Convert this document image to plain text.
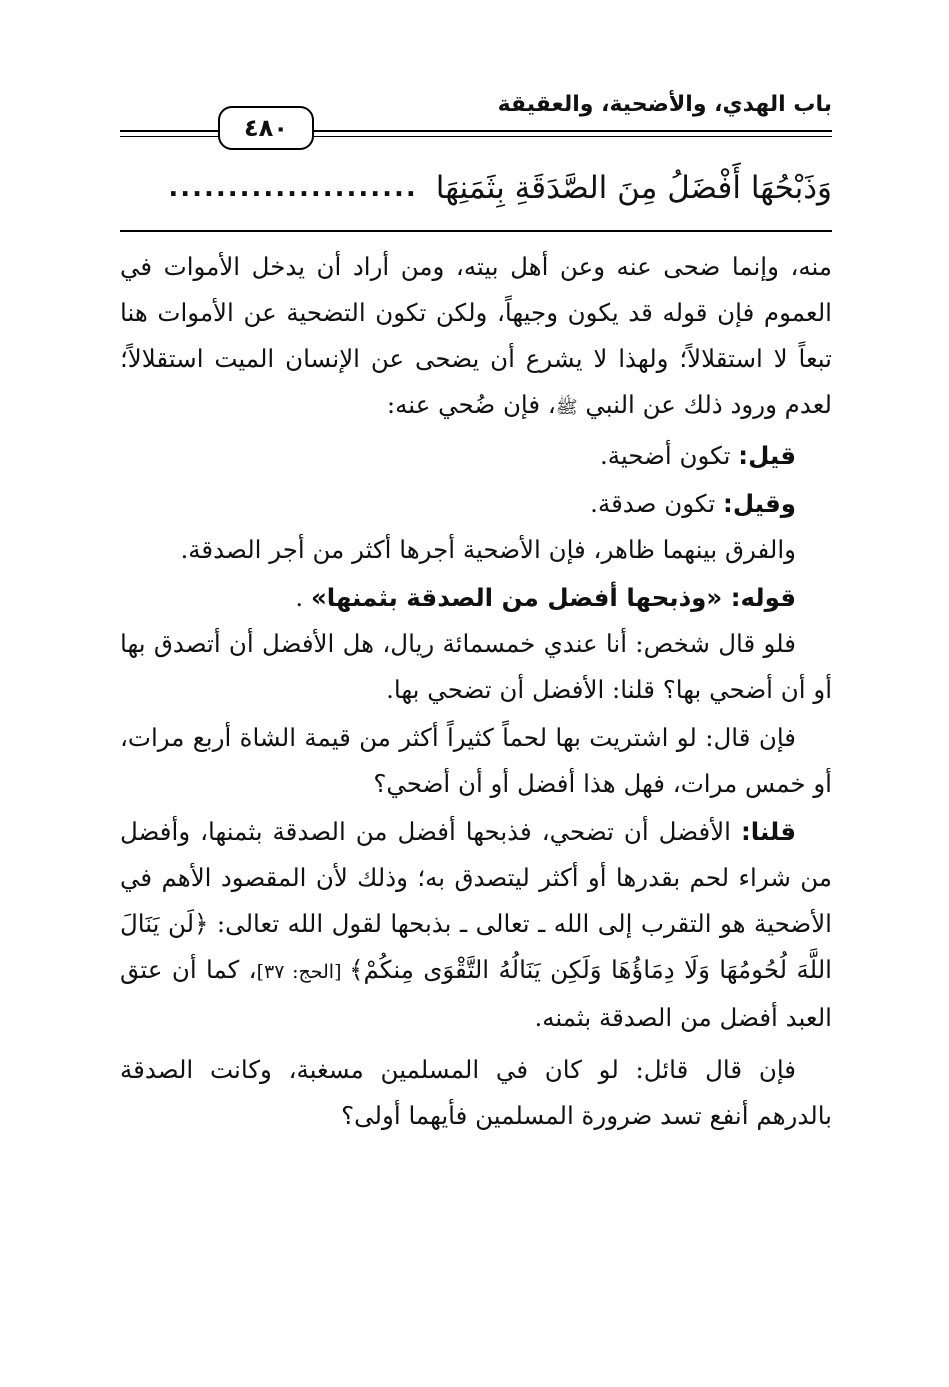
باب الهدي، والأضحية، والعقيقة
٤٨٠
وَذَبْحُهَا أَفْضَلُ مِنَ الصَّدَقَةِ بِثَمَنِهَا
.....................

منه، وإنما ضحى عنه وعن أهل بيته، ومن أراد أن يدخل الأموات في العموم فإن قوله قد يكون وجيهاً، ولكن تكون التضحية عن الأموات هنا تبعاً لا استقلالاً؛ ولهذا لا يشرع أن يضحى عن الإنسان الميت استقلالاً؛ لعدم ورود ذلك عن النبي ﷺ، فإن ضُحي عنه:

قيل: تكون أضحية.

وقيل: تكون صدقة.

والفرق بينهما ظاهر، فإن الأضحية أجرها أكثر من أجر الصدقة.

قوله: «وذبحها أفضل من الصدقة بثمنها» .

فلو قال شخص: أنا عندي خمسمائة ريال، هل الأفضل أن أتصدق بها أو أن أضحي بها؟ قلنا: الأفضل أن تضحي بها.

فإن قال: لو اشتريت بها لحماً كثيراً أكثر من قيمة الشاة أربع مرات، أو خمس مرات، فهل هذا أفضل أو أن أضحي؟

قلنا: الأفضل أن تضحي، فذبحها أفضل من الصدقة بثمنها، وأفضل من شراء لحم بقدرها أو أكثر ليتصدق به؛ وذلك لأن المقصود الأهم في الأضحية هو التقرب إلى الله ـ تعالى ـ بذبحها لقول الله تعالى: ﴿لَن يَنَالَ اللَّهَ لُحُومُهَا وَلَا دِمَاؤُهَا وَلَكِن يَنَالُهُ التَّقْوَى مِنكُمْ﴾ [الحج: ٣٧]، كما أن عتق العبد أفضل من الصدقة بثمنه.

فإن قال قائل: لو كان في المسلمين مسغبة، وكانت الصدقة بالدرهم أنفع تسد ضرورة المسلمين فأيهما أولى؟
